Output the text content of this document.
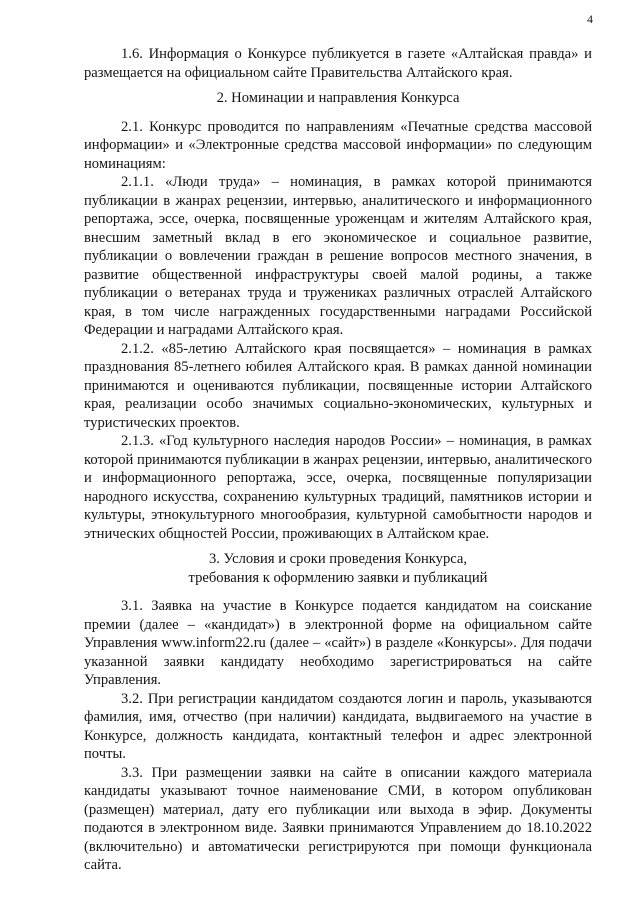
4

1.6. Информация о Конкурсе публикуется в газете «Алтайская правда» и размещается на официальном сайте Правительства Алтайского края.

2. Номинации и направления Конкурса

2.1. Конкурс проводится по направлениям «Печатные средства массовой информации» и «Электронные средства массовой информации» по следующим номинациям:

2.1.1. «Люди труда» – номинация, в рамках которой принимаются публикации в жанрах рецензии, интервью, аналитического и информационного репортажа, эссе, очерка, посвященные уроженцам и жителям Алтайского края, внесшим заметный вклад в его экономическое и социальное развитие, публикации о вовлечении граждан в решение вопросов местного значения, в развитие общественной инфраструктуры своей малой родины, а также публикации о ветеранах труда и тружениках различных отраслей Алтайского края, в том числе награжденных государственными наградами Российской Федерации и наградами Алтайского края.

2.1.2. «85-летию Алтайского края посвящается» – номинация в рамках празднования 85-летнего юбилея Алтайского края. В рамках данной номинации принимаются и оцениваются публикации, посвященные истории Алтайского края, реализации особо значимых социально-экономических, культурных и туристических проектов.

2.1.3. «Год культурного наследия народов России» – номинация, в рамках которой принимаются публикации в жанрах рецензии, интервью, аналитического и информационного репортажа, эссе, очерка, посвященные популяризации народного искусства, сохранению культурных традиций, памятников истории и культуры, этнокультурного многообразия, культурной самобытности народов и этнических общностей России, проживающих в Алтайском крае.

3. Условия и сроки проведения Конкурса,
требования к оформлению заявки и публикаций

3.1. Заявка на участие в Конкурсе подается кандидатом на соискание премии (далее – «кандидат») в электронной форме на официальном сайте Управления www.inform22.ru (далее – «сайт») в разделе «Конкурсы». Для подачи указанной заявки кандидату необходимо зарегистрироваться на сайте Управления.

3.2. При регистрации кандидатом создаются логин и пароль, указываются фамилия, имя, отчество (при наличии) кандидата, выдвигаемого на участие в Конкурсе, должность кандидата, контактный телефон и адрес электронной почты.

3.3. При размещении заявки на сайте в описании каждого материала кандидаты указывают точное наименование СМИ, в котором опубликован (размещен) материал, дату его публикации или выхода в эфир. Документы подаются в электронном виде. Заявки принимаются Управлением до 18.10.2022 (включительно) и автоматически регистрируются при помощи функционала сайта.
